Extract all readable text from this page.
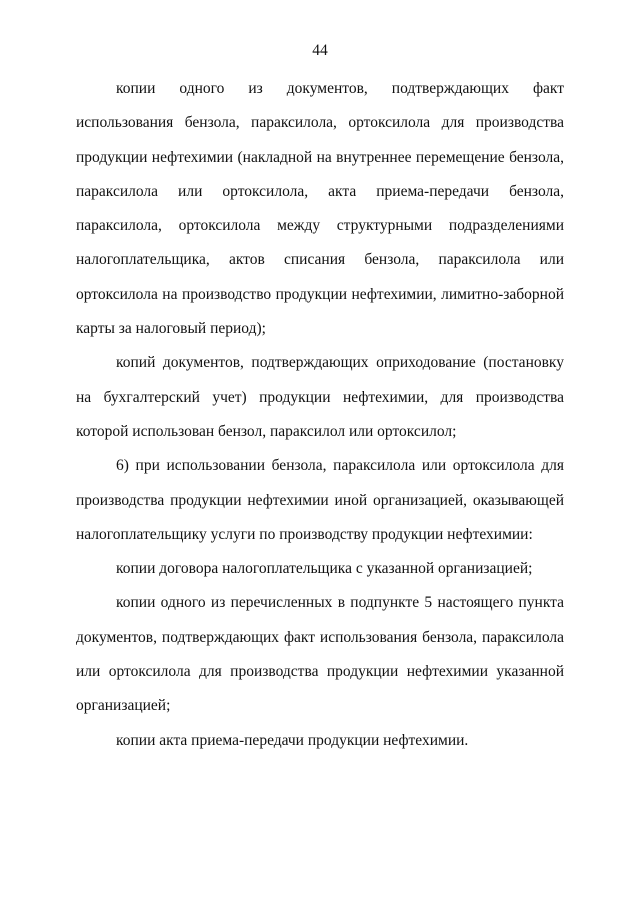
44

копии одного из документов, подтверждающих факт использования бензола, параксилола, ортоксилола для производства продукции нефтехимии (накладной на внутреннее перемещение бензола, параксилола или ортоксилола, акта приема-передачи бензола, параксилола, ортоксилола между структурными подразделениями налогоплательщика, актов списания бензола, параксилола или ортоксилола на производство продукции нефтехимии, лимитно-заборной карты за налоговый период);

копий документов, подтверждающих оприходование (постановку на бухгалтерский учет) продукции нефтехимии, для производства которой использован бензол, параксилол или ортоксилол;

6) при использовании бензола, параксилола или ортоксилола для производства продукции нефтехимии иной организацией, оказывающей налогоплательщику услуги по производству продукции нефтехимии:

копии договора налогоплательщика с указанной организацией;

копии одного из перечисленных в подпункте 5 настоящего пункта документов, подтверждающих факт использования бензола, параксилола или ортоксилола для производства продукции нефтехимии указанной организацией;

копии акта приема-передачи продукции нефтехимии.
